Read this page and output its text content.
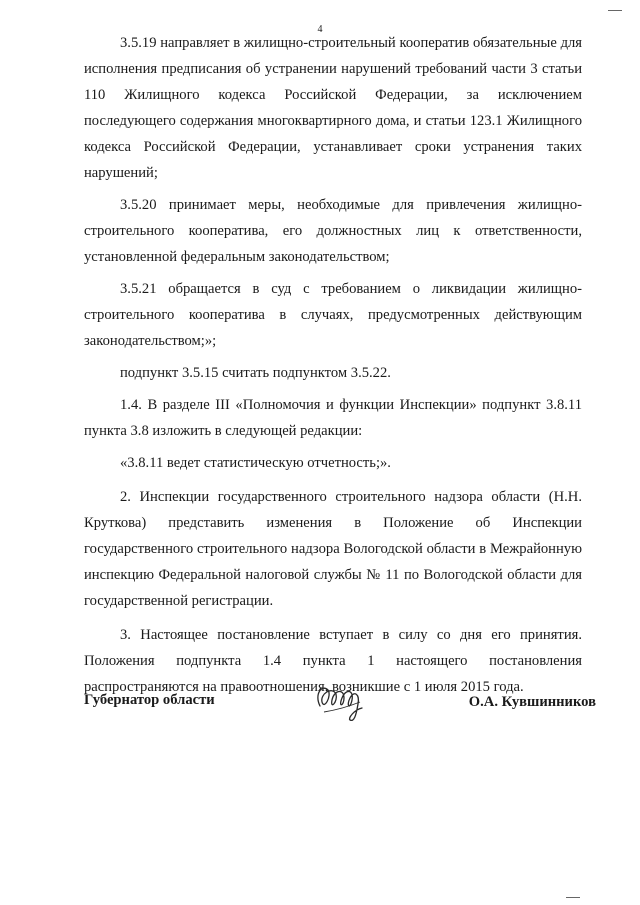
4

3.5.19 направляет в жилищно-строительный кооператив обязательные для исполнения предписания об устранении нарушений требований части 3 статьи 110 Жилищного кодекса Российской Федерации, за исключением последующего содержания многоквартирного дома, и статьи 123.1 Жилищного кодекса Российской Федерации, устанавливает сроки устранения таких нарушений;

3.5.20 принимает меры, необходимые для привлечения жилищно-строительного кооператива, его должностных лиц к ответственности, установленной федеральным законодательством;

3.5.21 обращается в суд с требованием о ликвидации жилищно-строительного кооператива в случаях, предусмотренных действующим законодательством;»;

подпункт 3.5.15 считать подпунктом 3.5.22.

1.4. В разделе III «Полномочия и функции Инспекции» подпункт 3.8.11 пункта 3.8 изложить в следующей редакции:

«3.8.11 ведет статистическую отчетность;».

2. Инспекции государственного строительного надзора области (Н.Н. Круткова) представить изменения в Положение об Инспекции государственного строительного надзора Вологодской области в Межрайонную инспекцию Федеральной налоговой службы № 11 по Вологодской области для государственной регистрации.

3. Настоящее постановление вступает в силу со дня его принятия. Положения подпункта 1.4 пункта 1 настоящего постановления распространяются на правоотношения, возникшие с 1 июля 2015 года.

Губернатор области	О.А. Кувшинников
